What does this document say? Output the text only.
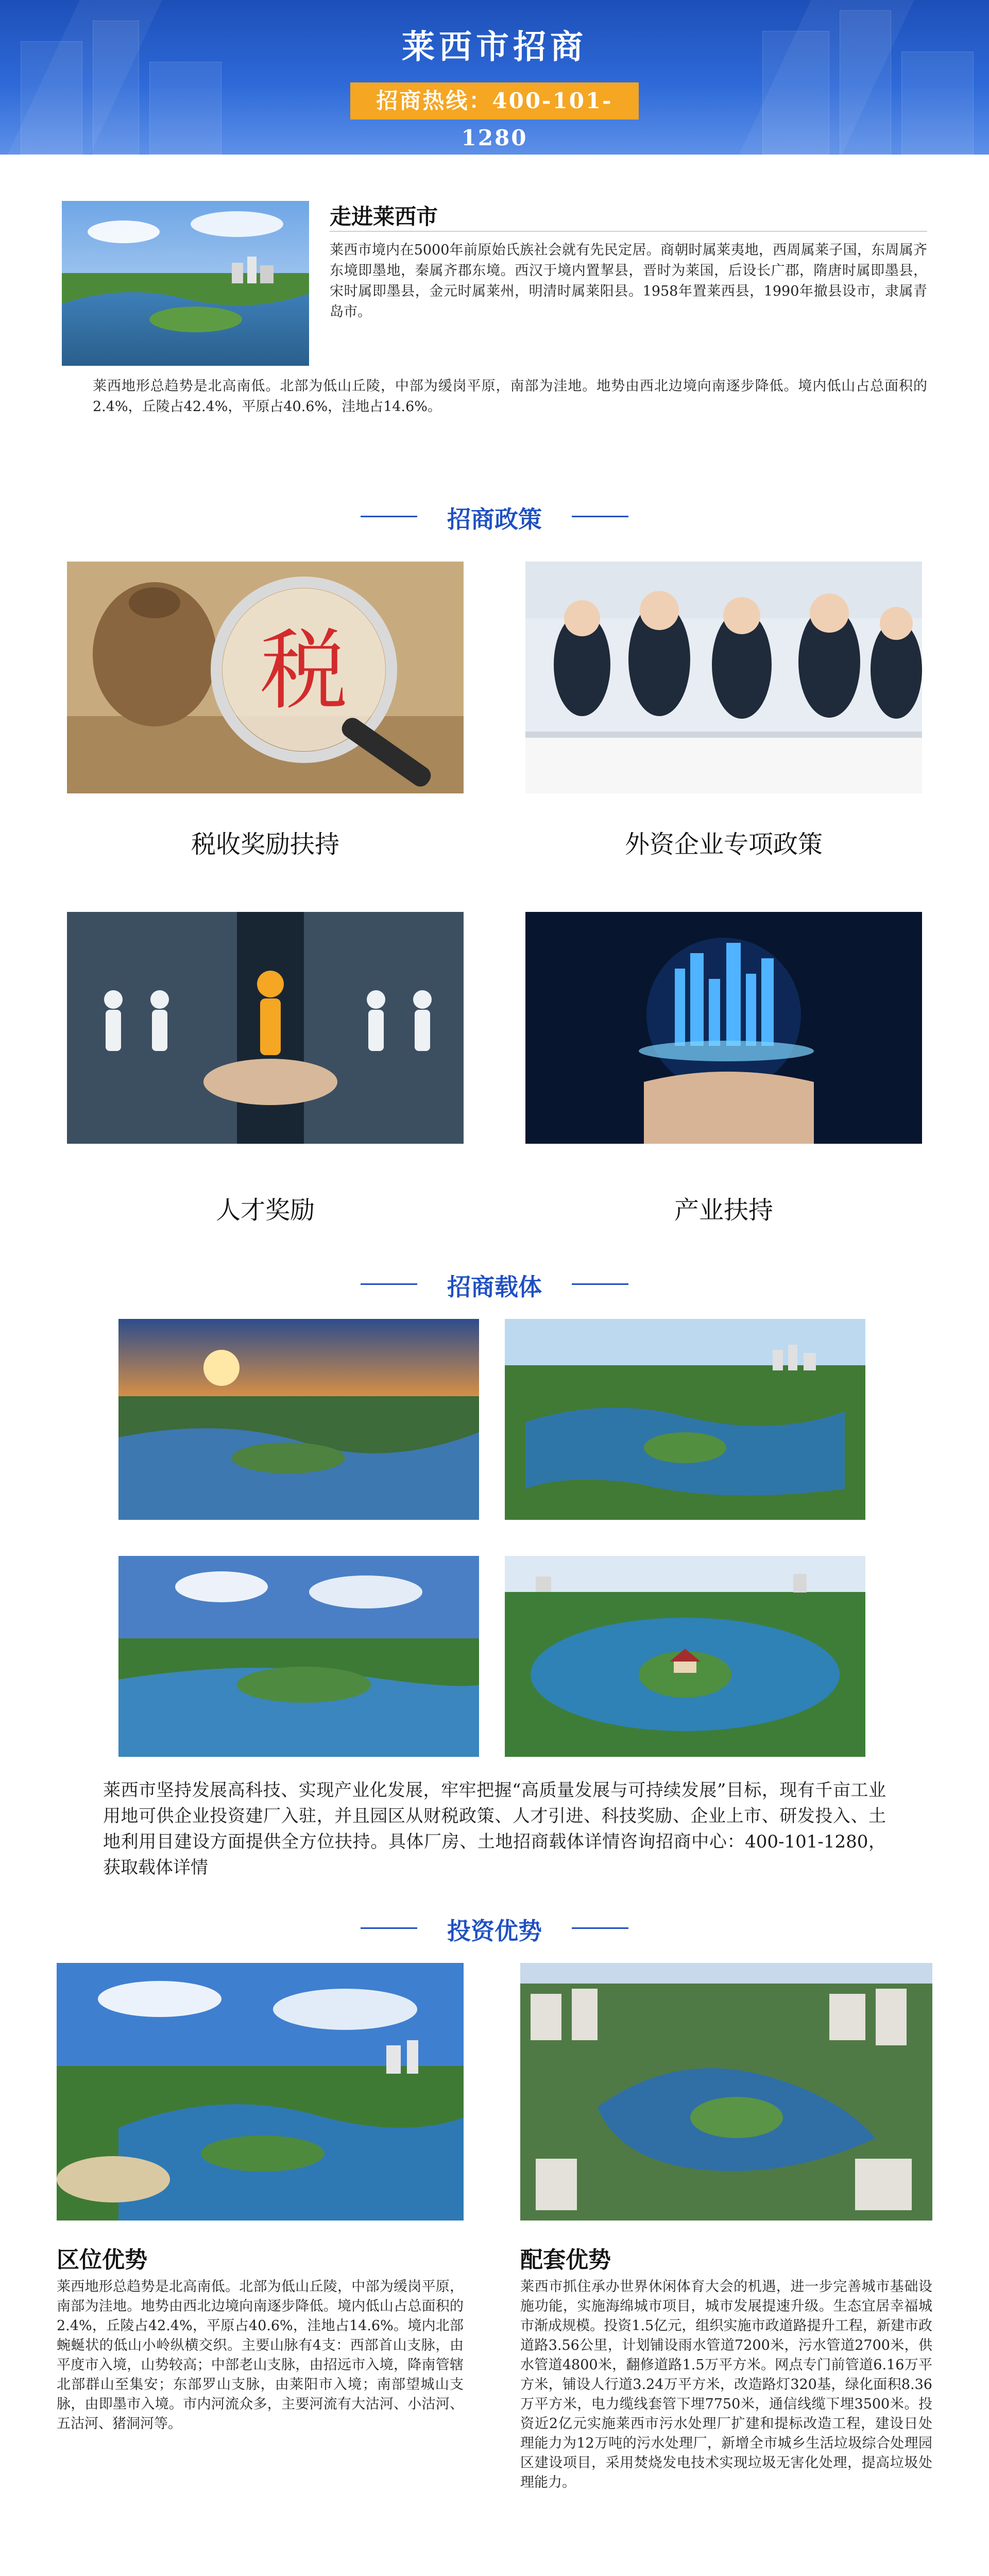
莱西市招商
招商热线：400-101-1280
走进莱西市
莱西市境内在5000年前原始氏族社会就有先民定居。商朝时属莱夷地，西周属莱子国，东周属齐东境即墨地，秦属齐郡东境。西汉于境内置挈县，晋时为莱国，后设长广郡，隋唐时属即墨县，宋时属即墨县，金元时属莱州，明清时属莱阳县。1958年置莱西县，1990年撤县设市，隶属青岛市。
莱西地形总趋势是北高南低。北部为低山丘陵，中部为缓岗平原，南部为洼地。地势由西北边境向南逐步降低。境内低山占总面积的2.4%，丘陵占42.4%，平原占40.6%，洼地占14.6%。
招商政策
税
税收奖励扶持	外资企业专项政策
人才奖励	产业扶持
招商载体
莱西市坚持发展高科技、实现产业化发展，牢牢把握“高质量发展与可持续发展”目标，现有千亩工业用地可供企业投资建厂入驻，并且园区从财税政策、人才引进、科技奖励、企业上市、研发投入、土地利用目建设方面提供全方位扶持。具体厂房、土地招商载体详情咨询招商中心：400-101-1280，获取载体详情
投资优势
区位优势
莱西地形总趋势是北高南低。北部为低山丘陵，中部为缓岗平原，南部为洼地。地势由西北边境向南逐步降低。境内低山占总面积的2.4%，丘陵占42.4%，平原占40.6%，洼地占14.6%。境内北部蜿蜒状的低山小岭纵横交织。主要山脉有4支：西部首山支脉，由平度市入境，山势较高；中部老山支脉，由招远市入境，降南管辖北部群山至集安；东部罗山支脉，由莱阳市入境；南部望城山支脉，由即墨市入境。市内河流众多，主要河流有大沽河、小沽河、五沽河、猪洞河等。
配套优势
莱西市抓住承办世界休闲体育大会的机遇，进一步完善城市基础设施功能，实施海绵城市项目，城市发展提速升级。生态宜居幸福城市渐成规模。投资1.5亿元，组织实施市政道路提升工程，新建市政道路3.56公里，计划铺设雨水管道7200米，污水管道2700米，供水管道4800米，翻修道路1.5万平方米。网点专门前管道6.16万平方米，铺设人行道3.24万平方米，改造路灯320基，绿化面积8.36万平方米，电力缆线套管下埋7750米，通信线缆下埋3500米。投资近2亿元实施莱西市污水处理厂扩建和提标改造工程，建设日处理能力为12万吨的污水处理厂，新增全市城乡生活垃圾综合处理园区建设项目，采用焚烧发电技术实现垃圾无害化处理，提高垃圾处理能力。
